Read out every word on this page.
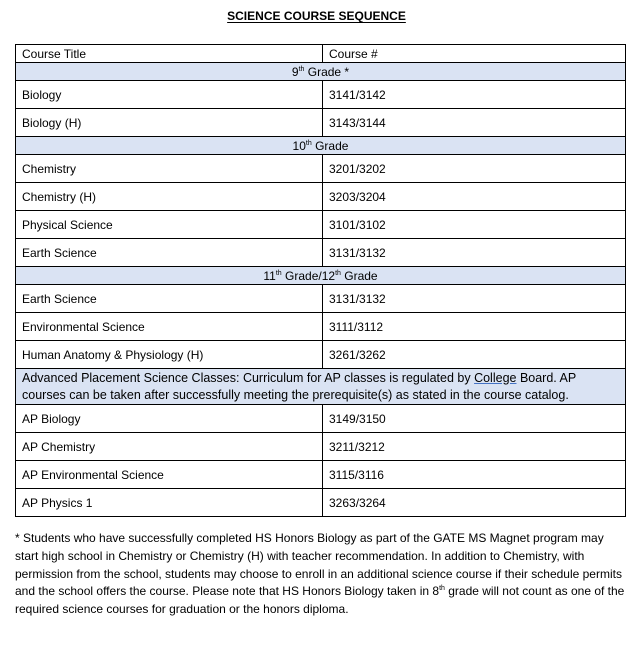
SCIENCE COURSE SEQUENCE
Course Title	Course #
9th Grade *	
Biology	3141/3142
Biology (H)	3143/3144
10th Grade	
Chemistry	3201/3202
Chemistry (H)	3203/3204
Physical Science	3101/3102
Earth Science	3131/3132
11th Grade/12th Grade	
Earth Science	3131/3132
Environmental Science	3111/3112
Human Anatomy & Physiology (H)	3261/3262
Advanced Placement Science Classes: Curriculum for AP classes is regulated by College Board. AP courses can be taken after successfully meeting the prerequisite(s) as stated in the course catalog.	
AP Biology	3149/3150
AP Chemistry	3211/3212
AP Environmental Science	3115/3116
AP Physics 1	3263/3264
* Students who have successfully completed HS Honors Biology as part of the GATE MS Magnet program may start high school in Chemistry or Chemistry (H) with teacher recommendation. In addition to Chemistry, with permission from the school, students may choose to enroll in an additional science course if their schedule permits and the school offers the course. Please note that HS Honors Biology taken in 8th grade will not count as one of the required science courses for graduation or the honors diploma.
